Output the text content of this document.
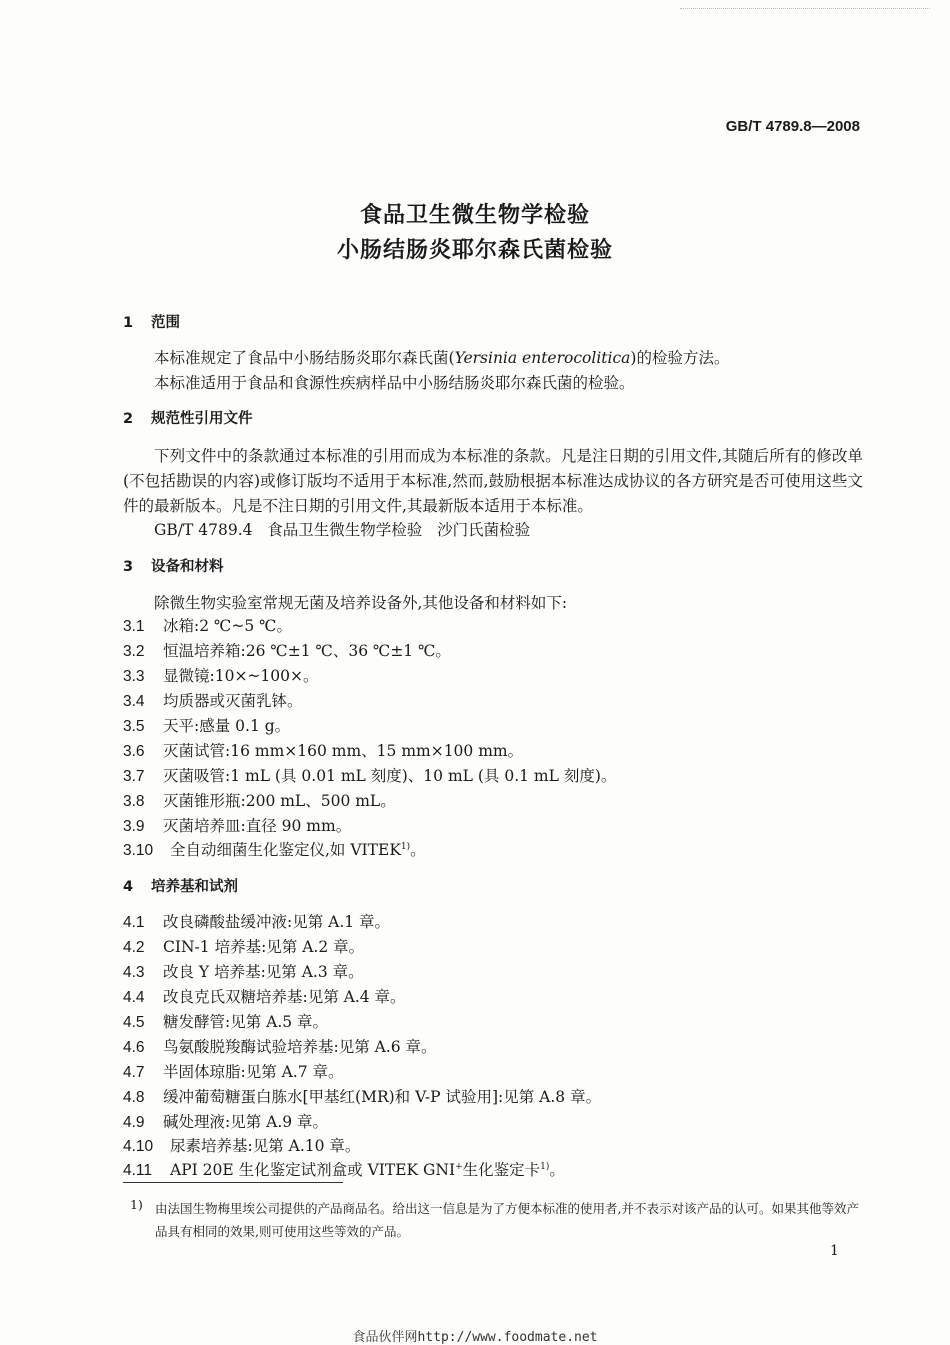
GB/T 4789.8—2008
食品卫生微生物学检验
小肠结肠炎耶尔森氏菌检验
1 范围
本标准规定了食品中小肠结肠炎耶尔森氏菌(Yersinia enterocolitica)的检验方法。
本标准适用于食品和食源性疾病样品中小肠结肠炎耶尔森氏菌的检验。
2 规范性引用文件
下列文件中的条款通过本标准的引用而成为本标准的条款。凡是注日期的引用文件,其随后所有的修改单(不包括勘误的内容)或修订版均不适用于本标准,然而,鼓励根据本标准达成协议的各方研究是否可使用这些文件的最新版本。凡是不注日期的引用文件,其最新版本适用于本标准。
GB/T 4789.4 食品卫生微生物学检验 沙门氏菌检验
3 设备和材料
除微生物实验室常规无菌及培养设备外,其他设备和材料如下:
3.1 冰箱:2 ℃~5 ℃。
3.2 恒温培养箱:26 ℃±1 ℃、36 ℃±1 ℃。
3.3 显微镜:10×~100×。
3.4 均质器或灭菌乳钵。
3.5 天平:感量 0.1 g。
3.6 灭菌试管:16 mm×160 mm、15 mm×100 mm。
3.7 灭菌吸管:1 mL (具 0.01 mL 刻度)、10 mL (具 0.1 mL 刻度)。
3.8 灭菌锥形瓶:200 mL、500 mL。
3.9 灭菌培养皿:直径 90 mm。
3.10 全自动细菌生化鉴定仪,如 VITEK$^{1)}$。
4 培养基和试剂
4.1 改良磷酸盐缓冲液:见第 A.1 章。
4.2 CIN-1 培养基:见第 A.2 章。
4.3 改良 Y 培养基:见第 A.3 章。
4.4 改良克氏双糖培养基:见第 A.4 章。
4.5 糖发酵管:见第 A.5 章。
4.6 鸟氨酸脱羧酶试验培养基:见第 A.6 章。
4.7 半固体琼脂:见第 A.7 章。
4.8 缓冲葡萄糖蛋白胨水[甲基红(MR)和 V-P 试验用]:见第 A.8 章。
4.9 碱处理液:见第 A.9 章。
4.10 尿素培养基:见第 A.10 章。
4.11 API 20E 生化鉴定试剂盒或 VITEK GNI+生化鉴定卡$^{1)}$。
1) 由法国生物梅里埃公司提供的产品商品名。给出这一信息是为了方便本标准的使用者,并不表示对该产品的认可。如果其他等效产品具有相同的效果,则可使用这些等效的产品。
1
食品伙伴网http://www.foodmate.net
